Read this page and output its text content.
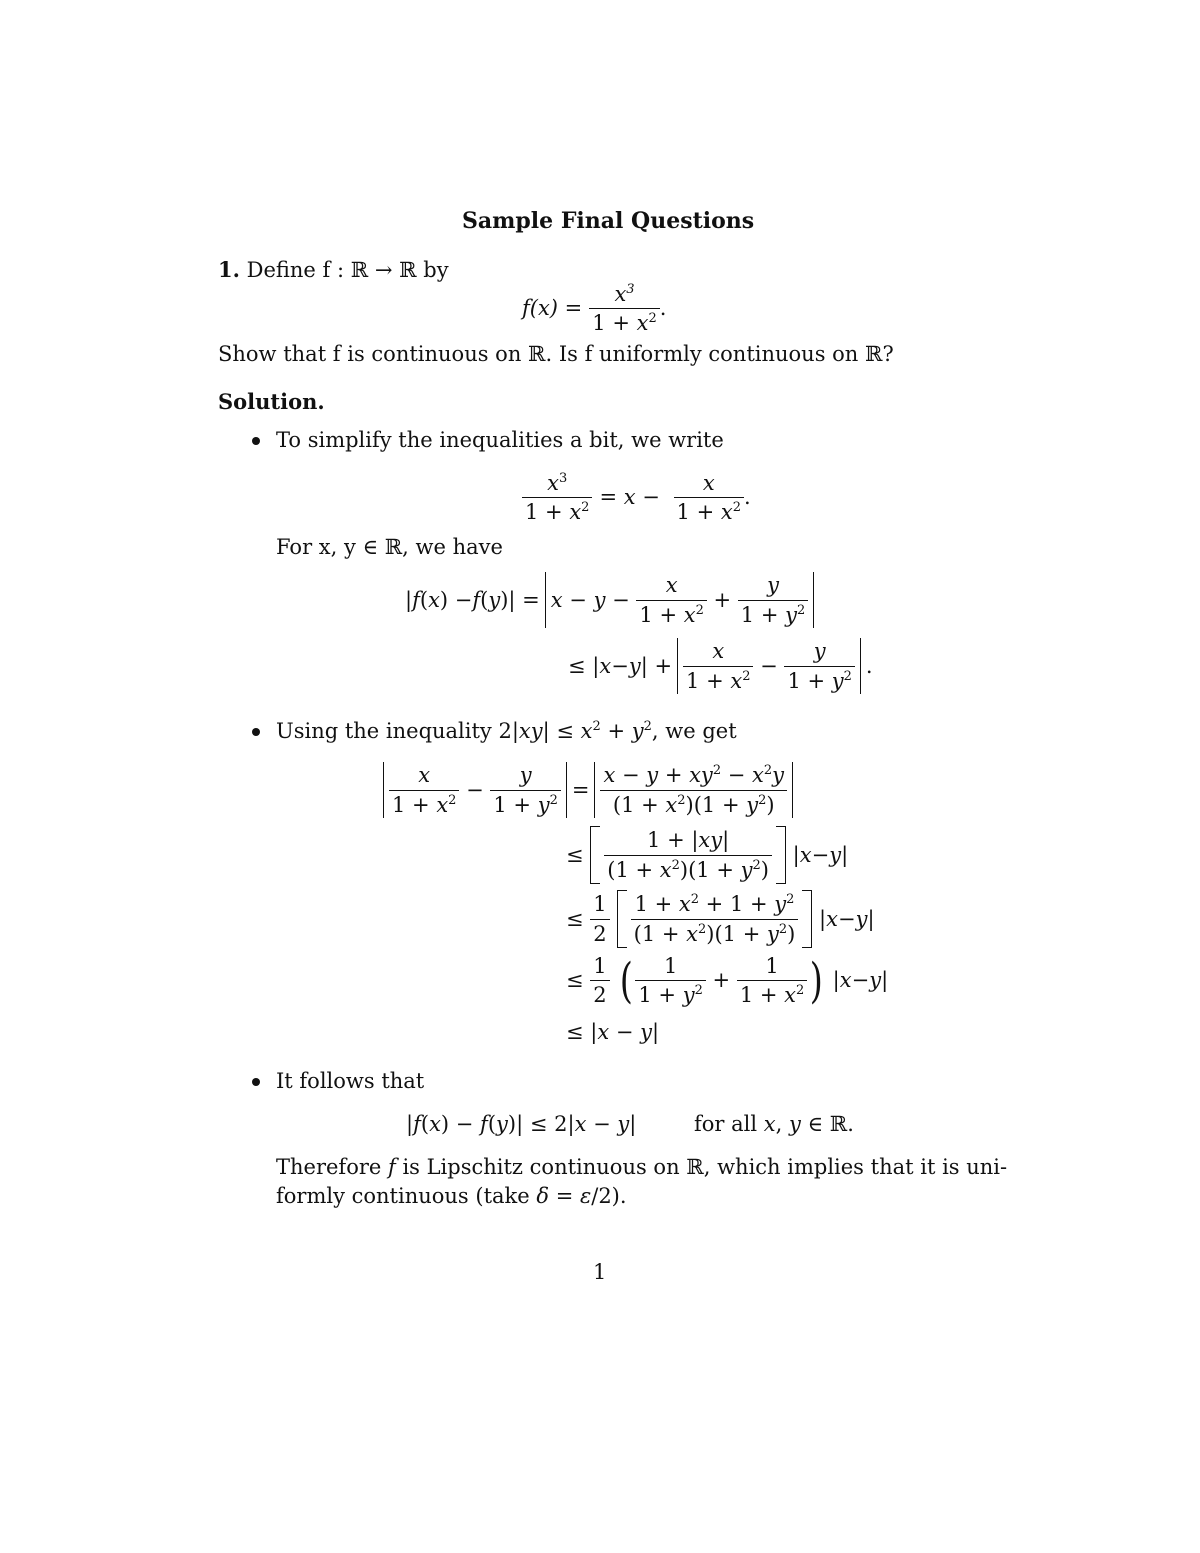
Sample Final Questions
1. Define f : ℝ → ℝ by
$f(x) = \frac{x^3}{1 + x^2}$ .
Show that f is continuous on ℝ. Is f uniformly continuous on ℝ?
Solution.
To simplify the inequalities a bit, we write
$\frac{x^3}{1 + x^2} = x - \frac{x}{1 + x^2}$ .
For x, y ∈ ℝ, we have
| f ( x ) − f ( y )| = $x - y - \frac{x}{1 + x^2} + \frac{y}{1 + y^2}$
≤ | x − y | + $\frac{x}{1 + x^2} - \frac{y}{1 + y^2}$ .
Using the inequality $2|xy| \le x^2 + y^2$, we get
$\frac{x}{1 + x^2} - \frac{y}{1 + y^2} = \frac{x - y + xy^2 - x^2y}{(1 + x^2)(1 + y^2)}$
≤ $\frac{1 + |xy|}{(1 + x^2)(1 + y^2)}$ | x − y |
≤ $\frac{1}{2} \frac{1 + x^2 + 1 + y^2}{(1 + x^2)(1 + y^2)}$ | x − y |
≤ $\frac{1}{2}$ ( $\frac{1}{1 + y^2} + \frac{1}{1 + x^2}$ ) | x − y |
≤ |x − y|
It follows that
|f(x) − f(y)| ≤ 2|x − y|	for all x, y ∈ ℝ.
Therefore f is Lipschitz continuous on ℝ, which implies that it is uni-
formly continuous (take δ = ε/2).
1
